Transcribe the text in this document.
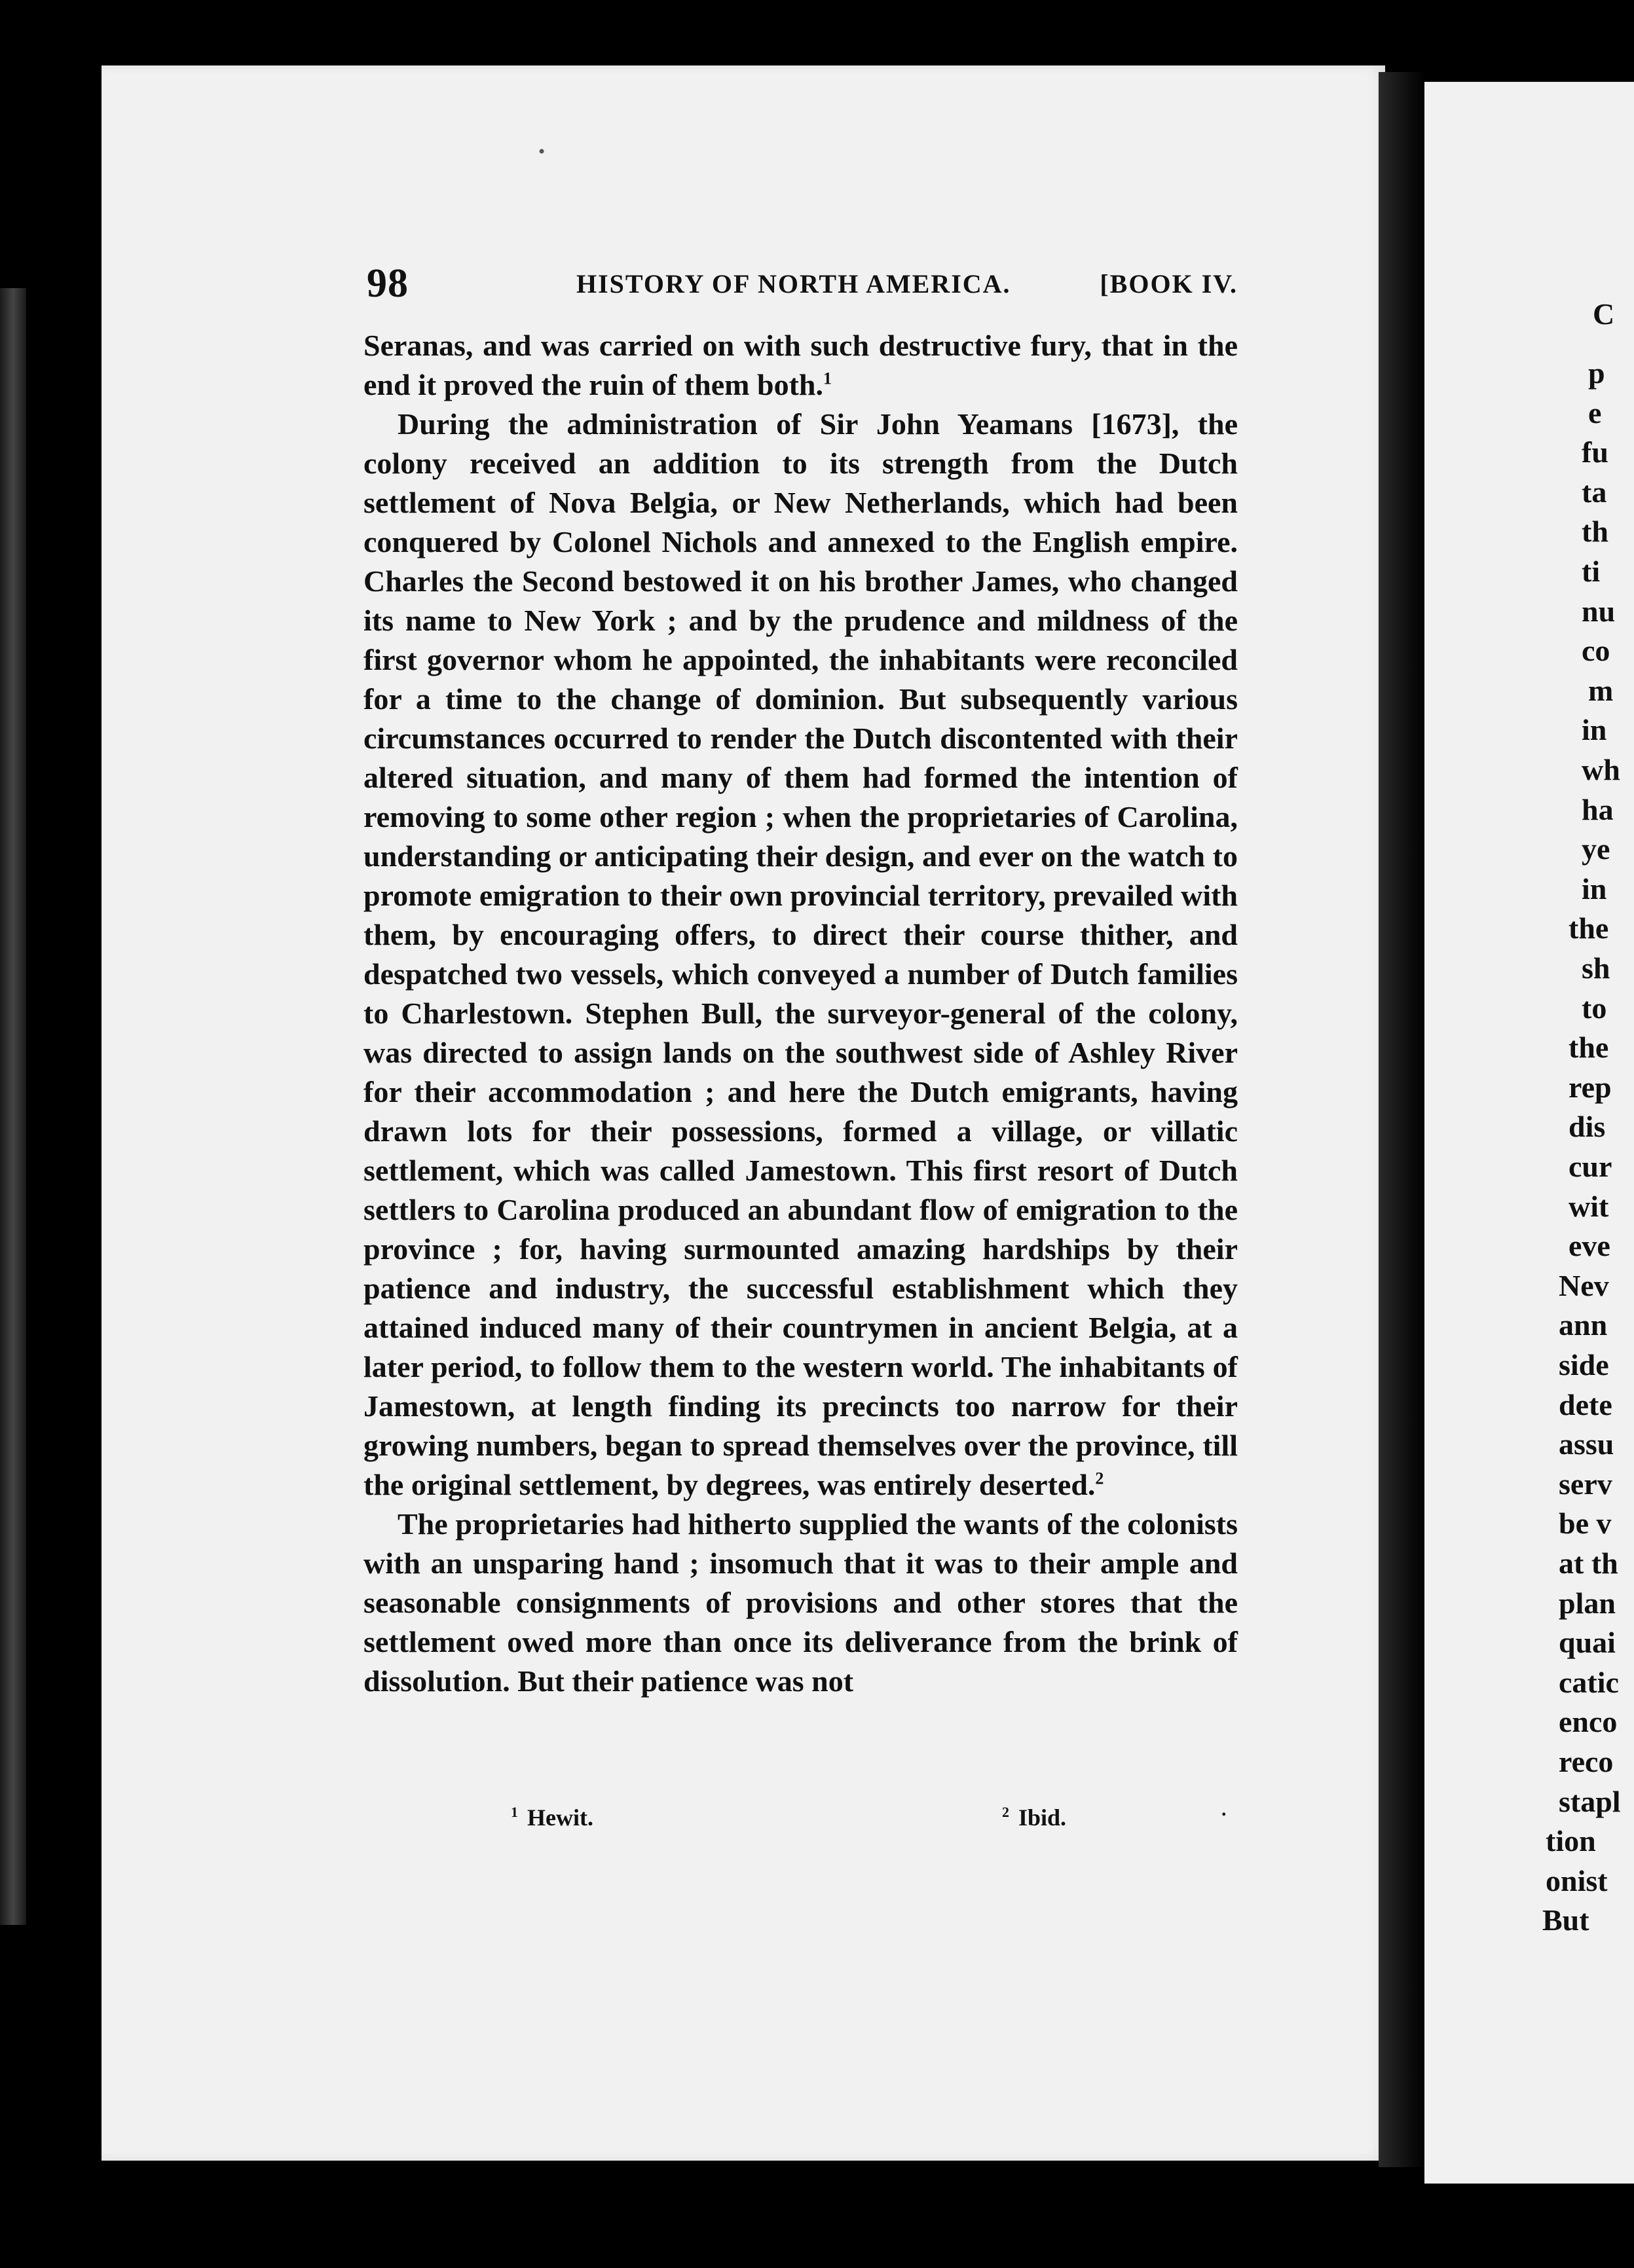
•
98	HISTORY OF NORTH AMERICA.	[BOOK IV.

Seranas, and was carried on with such destructive fury, that in the end it proved the ruin of them both.$^1$

During the administration of Sir John Yeamans [1673], the colony received an addition to its strength from the Dutch settlement of Nova Belgia, or New Netherlands, which had been conquered by Colonel Nichols and annexed to the English empire. Charles the Second bestowed it on his brother James, who changed its name to New York ; and by the prudence and mildness of the first governor whom he appointed, the inhabitants were reconciled for a time to the change of dominion. But subsequently various circumstances occurred to render the Dutch discontented with their altered situation, and many of them had formed the intention of removing to some other region ; when the proprietaries of Carolina, understanding or anticipating their design, and ever on the watch to promote emigration to their own provincial territory, prevailed with them, by encouraging offers, to direct their course thither, and despatched two vessels, which conveyed a number of Dutch families to Charlestown. Stephen Bull, the surveyor-general of the colony, was directed to assign lands on the southwest side of Ashley River for their accommodation ; and here the Dutch emigrants, having drawn lots for their possessions, formed a village, or villatic settlement, which was called Jamestown. This first resort of Dutch settlers to Carolina produced an abundant flow of emigration to the province ; for, having surmounted amazing hardships by their patience and industry, the successful establishment which they attained induced many of their countrymen in ancient Belgia, at a later period, to follow them to the western world. The inhabitants of Jamestown, at length finding its precincts too narrow for their growing numbers, began to spread themselves over the province, till the original settlement, by degrees, was entirely deserted.$^2$

The proprietaries had hitherto supplied the wants of the colonists with an unsparing hand ; insomuch that it was to their ample and seasonable consignments of provisions and other stores that the settlement owed more than once its deliverance from the brink of dissolution. But their patience was not

$^1$ Hewit.	$^2$ Ibid.	.
C
p
e
fu
ta
th
ti
nu
co
m
in
wh
ha
ye
in
the
sh
to
the
rep
dis
cur
wit
eve
Nev
ann
side
dete
assu
serv
be v
at th
plan
quai
catic
enco
reco
stapl
tion
onist
But
